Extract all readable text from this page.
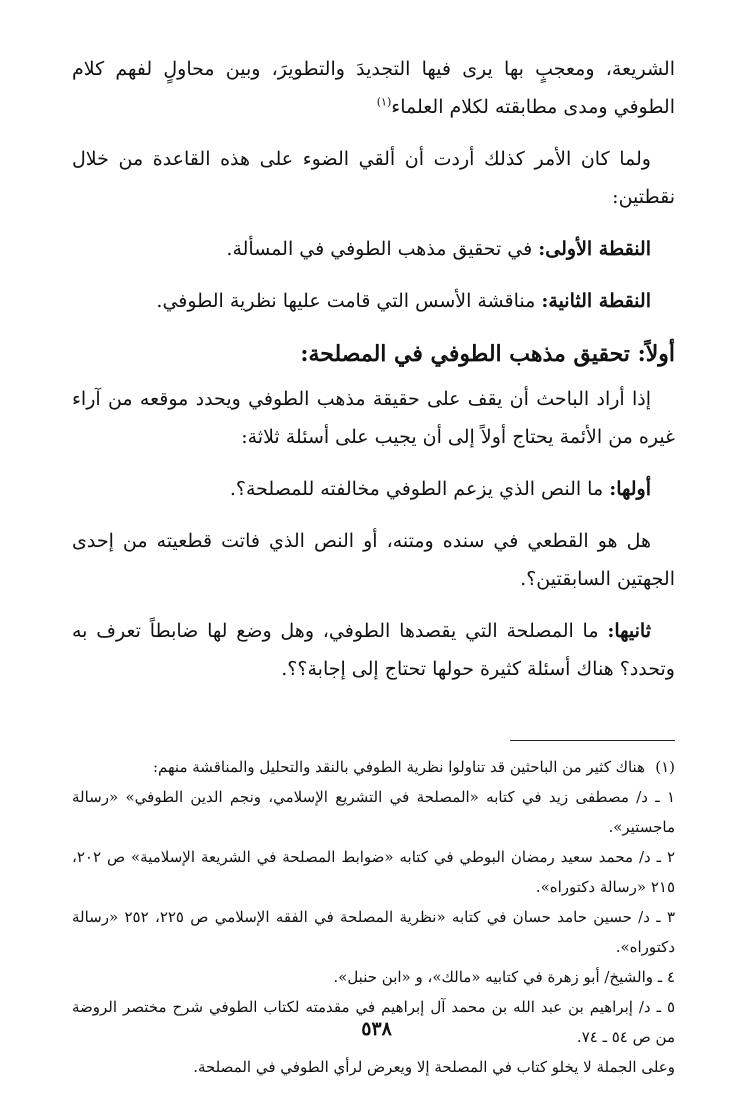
الشريعة، ومعجبٍ بها يرى فيها التجديدَ والتطويرَ، وبين محاولٍ لفهم كلام الطوفي ومدى مطابقته لكلام العلماء$^{(١)}$

ولما كان الأمر كذلك أردت أن ألقي الضوء على هذه القاعدة من خلال نقطتين:

النقطة الأولى: في تحقيق مذهب الطوفي في المسألة.

النقطة الثانية: مناقشة الأسس التي قامت عليها نظرية الطوفي.

أولاً: تحقيق مذهب الطوفي في المصلحة:

إذا أراد الباحث أن يقف على حقيقة مذهب الطوفي ويحدد موقعه من آراء غيره من الأئمة يحتاج أولاً إلى أن يجيب على أسئلة ثلاثة:

أولها: ما النص الذي يزعم الطوفي مخالفته للمصلحة؟.

هل هو القطعي في سنده ومتنه، أو النص الذي فاتت قطعيته من إحدى الجهتين السابقتين؟.

ثانيها: ما المصلحة التي يقصدها الطوفي، وهل وضع لها ضابطاً تعرف به وتحدد؟ هناك أسئلة كثيرة حولها تحتاج إلى إجابة؟؟.

(١)هناك كثير من الباحثين قد تناولوا نظرية الطوفي بالنقد والتحليل والمناقشة منهم:

١ ـ د/ مصطفى زيد في كتابه «المصلحة في التشريع الإسلامي، ونجم الدين الطوفي» «رسالة ماجستير».

٢ ـ د/ محمد سعيد رمضان البوطي في كتابه «ضوابط المصلحة في الشريعة الإسلامية» ص ٢٠٢، ٢١٥ «رسالة دكتوراه».

٣ ـ د/ حسين حامد حسان في كتابه «نظرية المصلحة في الفقه الإسلامي ص ٢٢٥، ٢٥٢ «رسالة دكتوراه».

٤ ـ والشيخ/ أبو زهرة في كتابيه «مالك»، و «ابن حنبل».

٥ ـ د/ إبراهيم بن عبد الله بن محمد آل إبراهيم في مقدمته لكتاب الطوفي شرح مختصر الروضة من ص ٥٤ ـ ٧٤.

وعلى الجملة لا يخلو كتاب في المصلحة إلا ويعرض لرأي الطوفي في المصلحة.

٥٣٨
